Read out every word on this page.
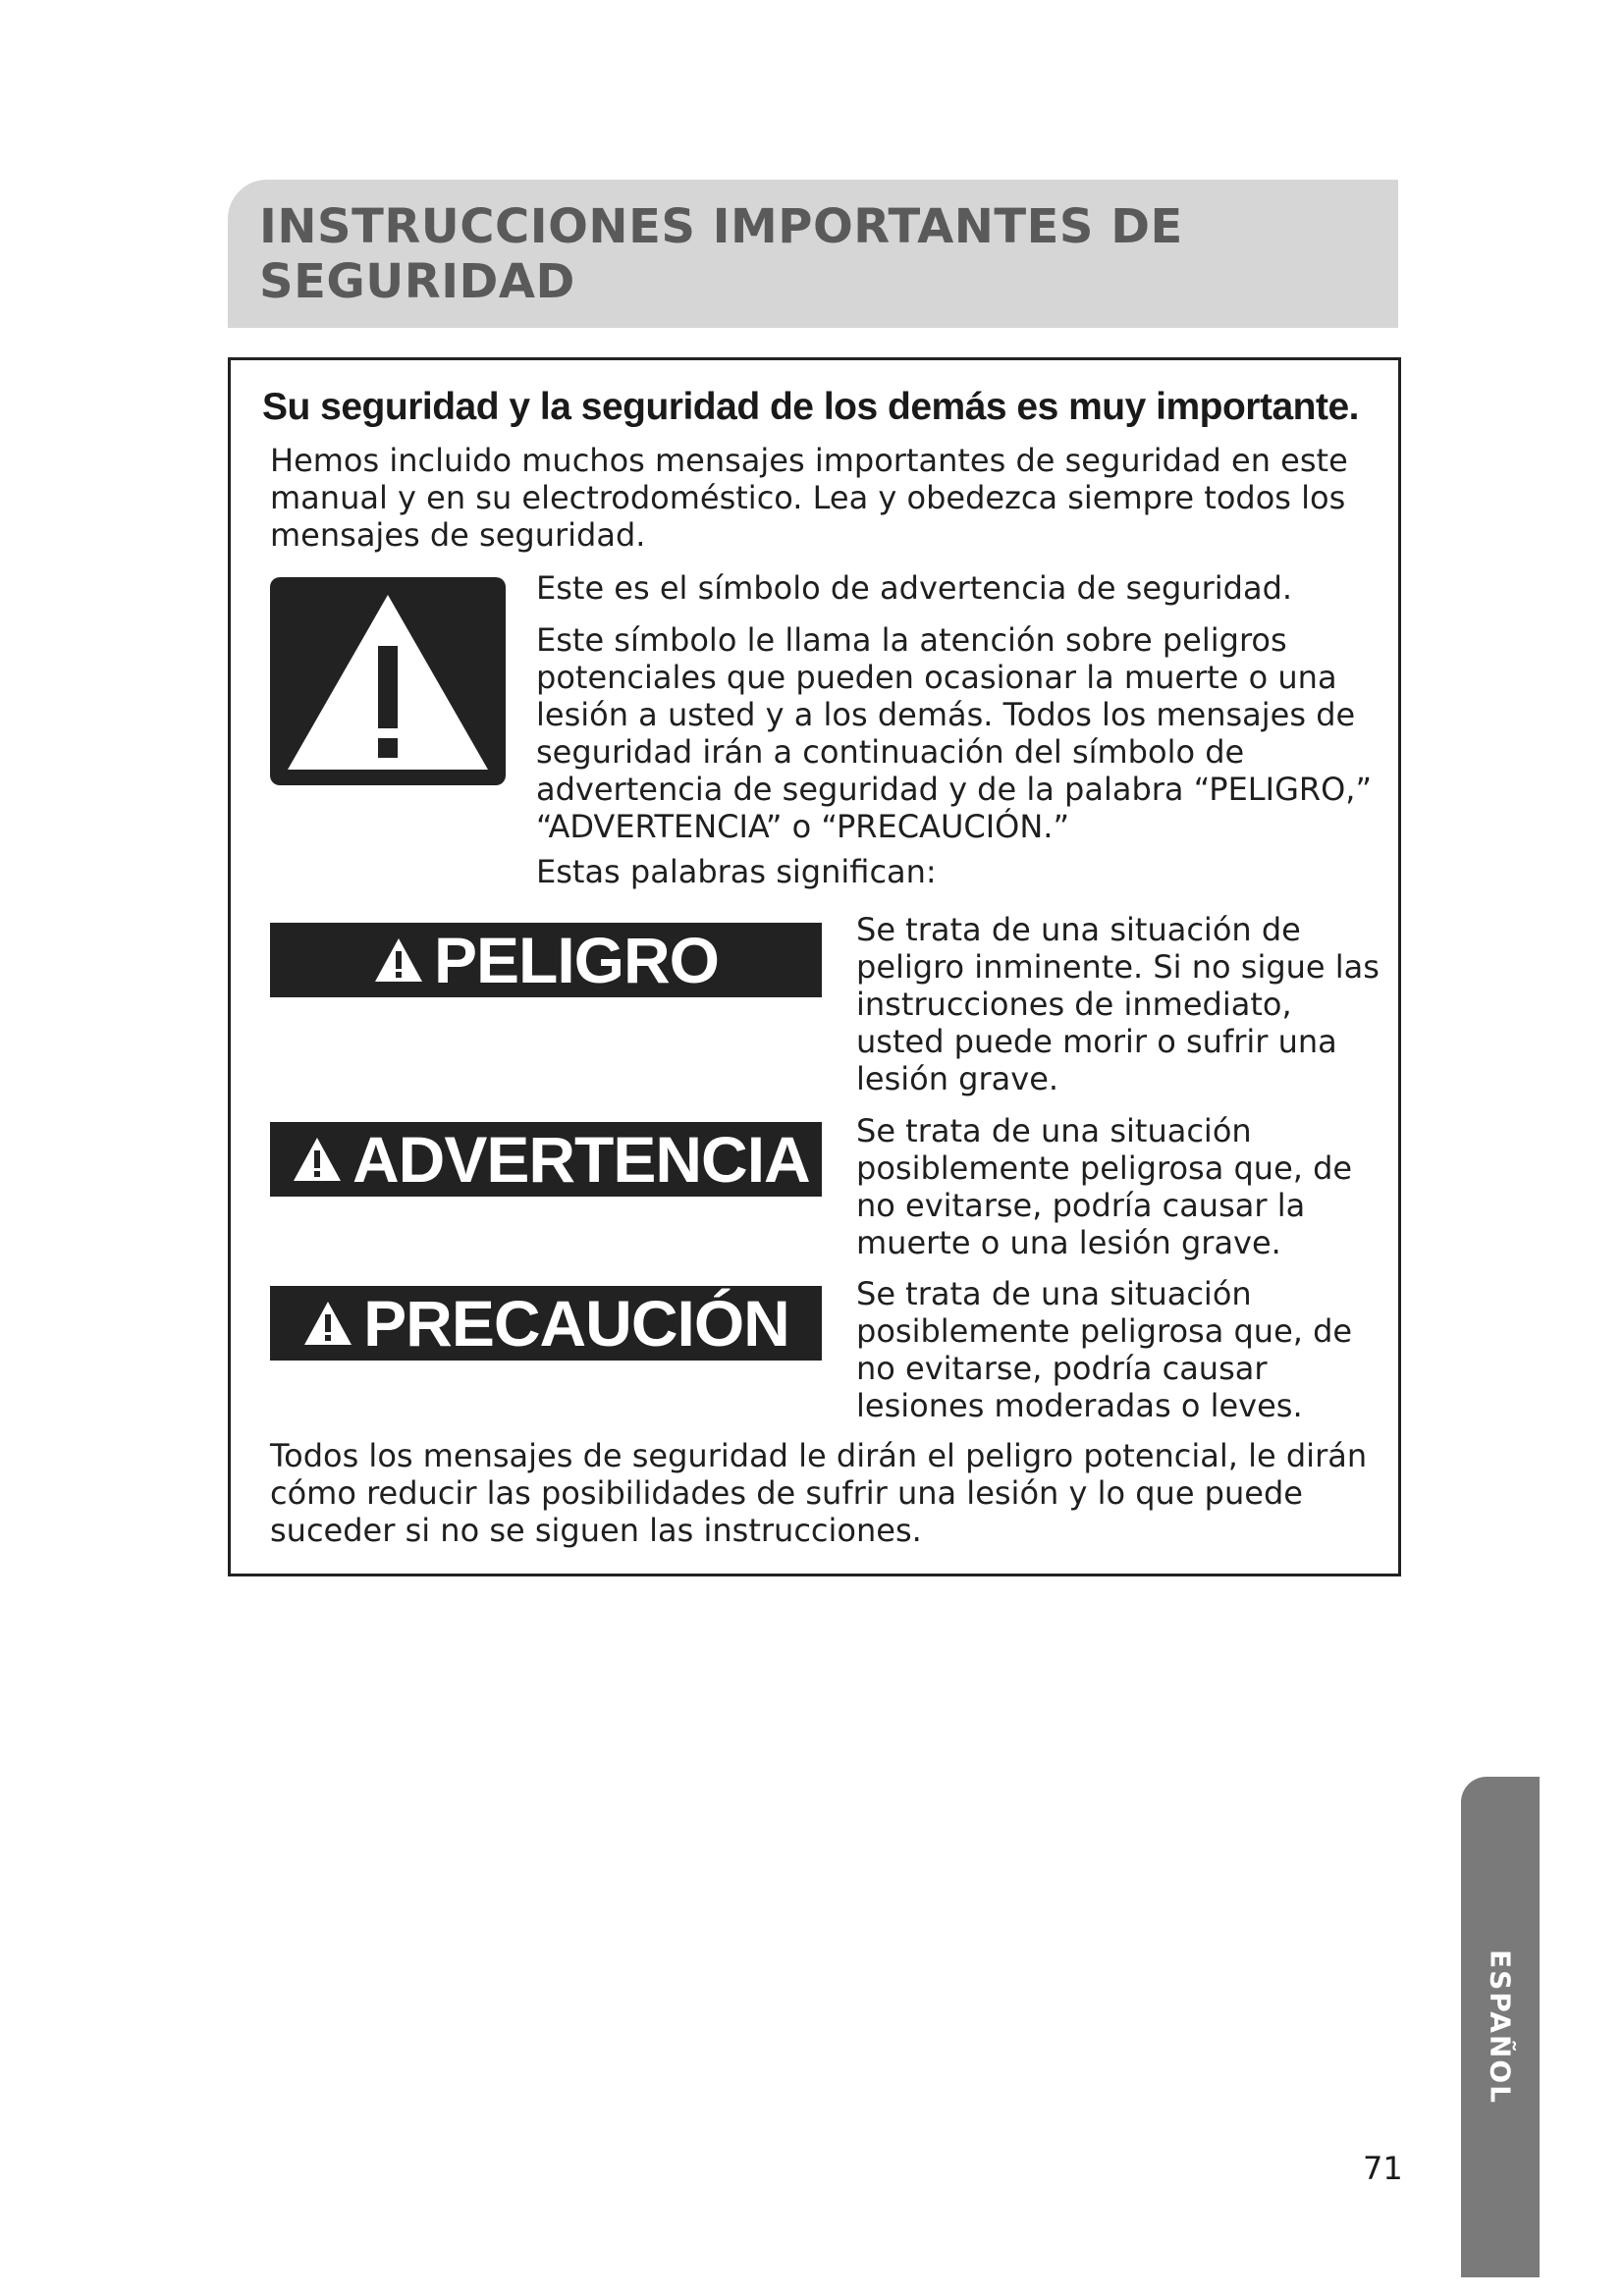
INSTRUCCIONES IMPORTANTES DE
SEGURIDAD
Su seguridad y la seguridad de los demás es muy importante.

Hemos incluido muchos mensajes importantes de seguridad en este
manual y en su electrodoméstico. Lea y obedezca siempre todos los
mensajes de seguridad.

Este es el símbolo de advertencia de seguridad.

Este símbolo le llama la atención sobre peligros
potenciales que pueden ocasionar la muerte o una
lesión a usted y a los demás. Todos los mensajes de
seguridad irán a continuación del símbolo de
advertencia de seguridad y de la palabra “PELIGRO,”
“ADVERTENCIA” o “PRECAUCIÓN.”

Estas palabras significan:

PELIGRO	Se trata de una situación de
peligro inminente. Si no sigue las
instrucciones de inmediato,
usted puede morir o sufrir una
lesión grave.

ADVERTENCIA Se trata de una situación
posiblemente peligrosa que, de
no evitarse, podría causar la
muerte o una lesión grave.

PRECAUCIÓN Se trata de una situación
posiblemente peligrosa que, de
no evitarse, podría causar
lesiones moderadas o leves.

Todos los mensajes de seguridad le dirán el peligro potencial, le dirán
cómo reducir las posibilidades de sufrir una lesión y lo que puede
suceder si no se siguen las instrucciones.

ESPAÑOL
71
